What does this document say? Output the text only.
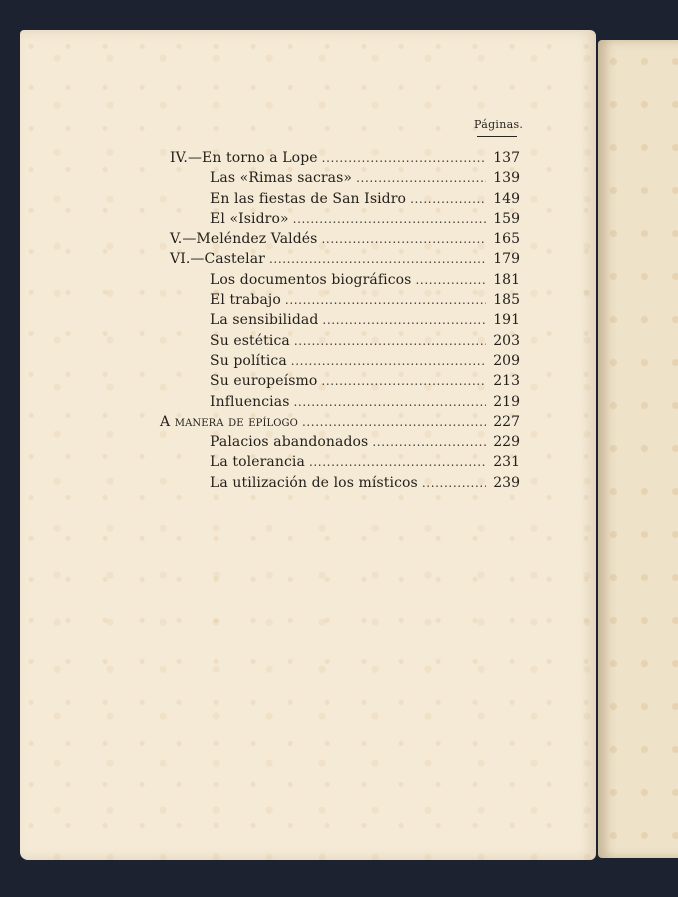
Páginas.
IV.—En torno a Lope . . .	137
Las «Rimas sacras» . . .	139
En las fiestas de San Isidro . . .	149
El «Isidro» . . .	159
V.—Meléndez Valdés . . .	165
VI.—Castelar . . .	179
Los documentos biográficos . . .	181
El trabajo . . .	185
La sensibilidad . . .	191
Su estética . . .	203
Su política . . .	209
Su europeísmo . . .	213
Influencias . . .	219
A manera de epílogo . . .	227
Palacios abandonados . . .	229
La tolerancia . . .	231
La utilización de los místicos . . .	239
